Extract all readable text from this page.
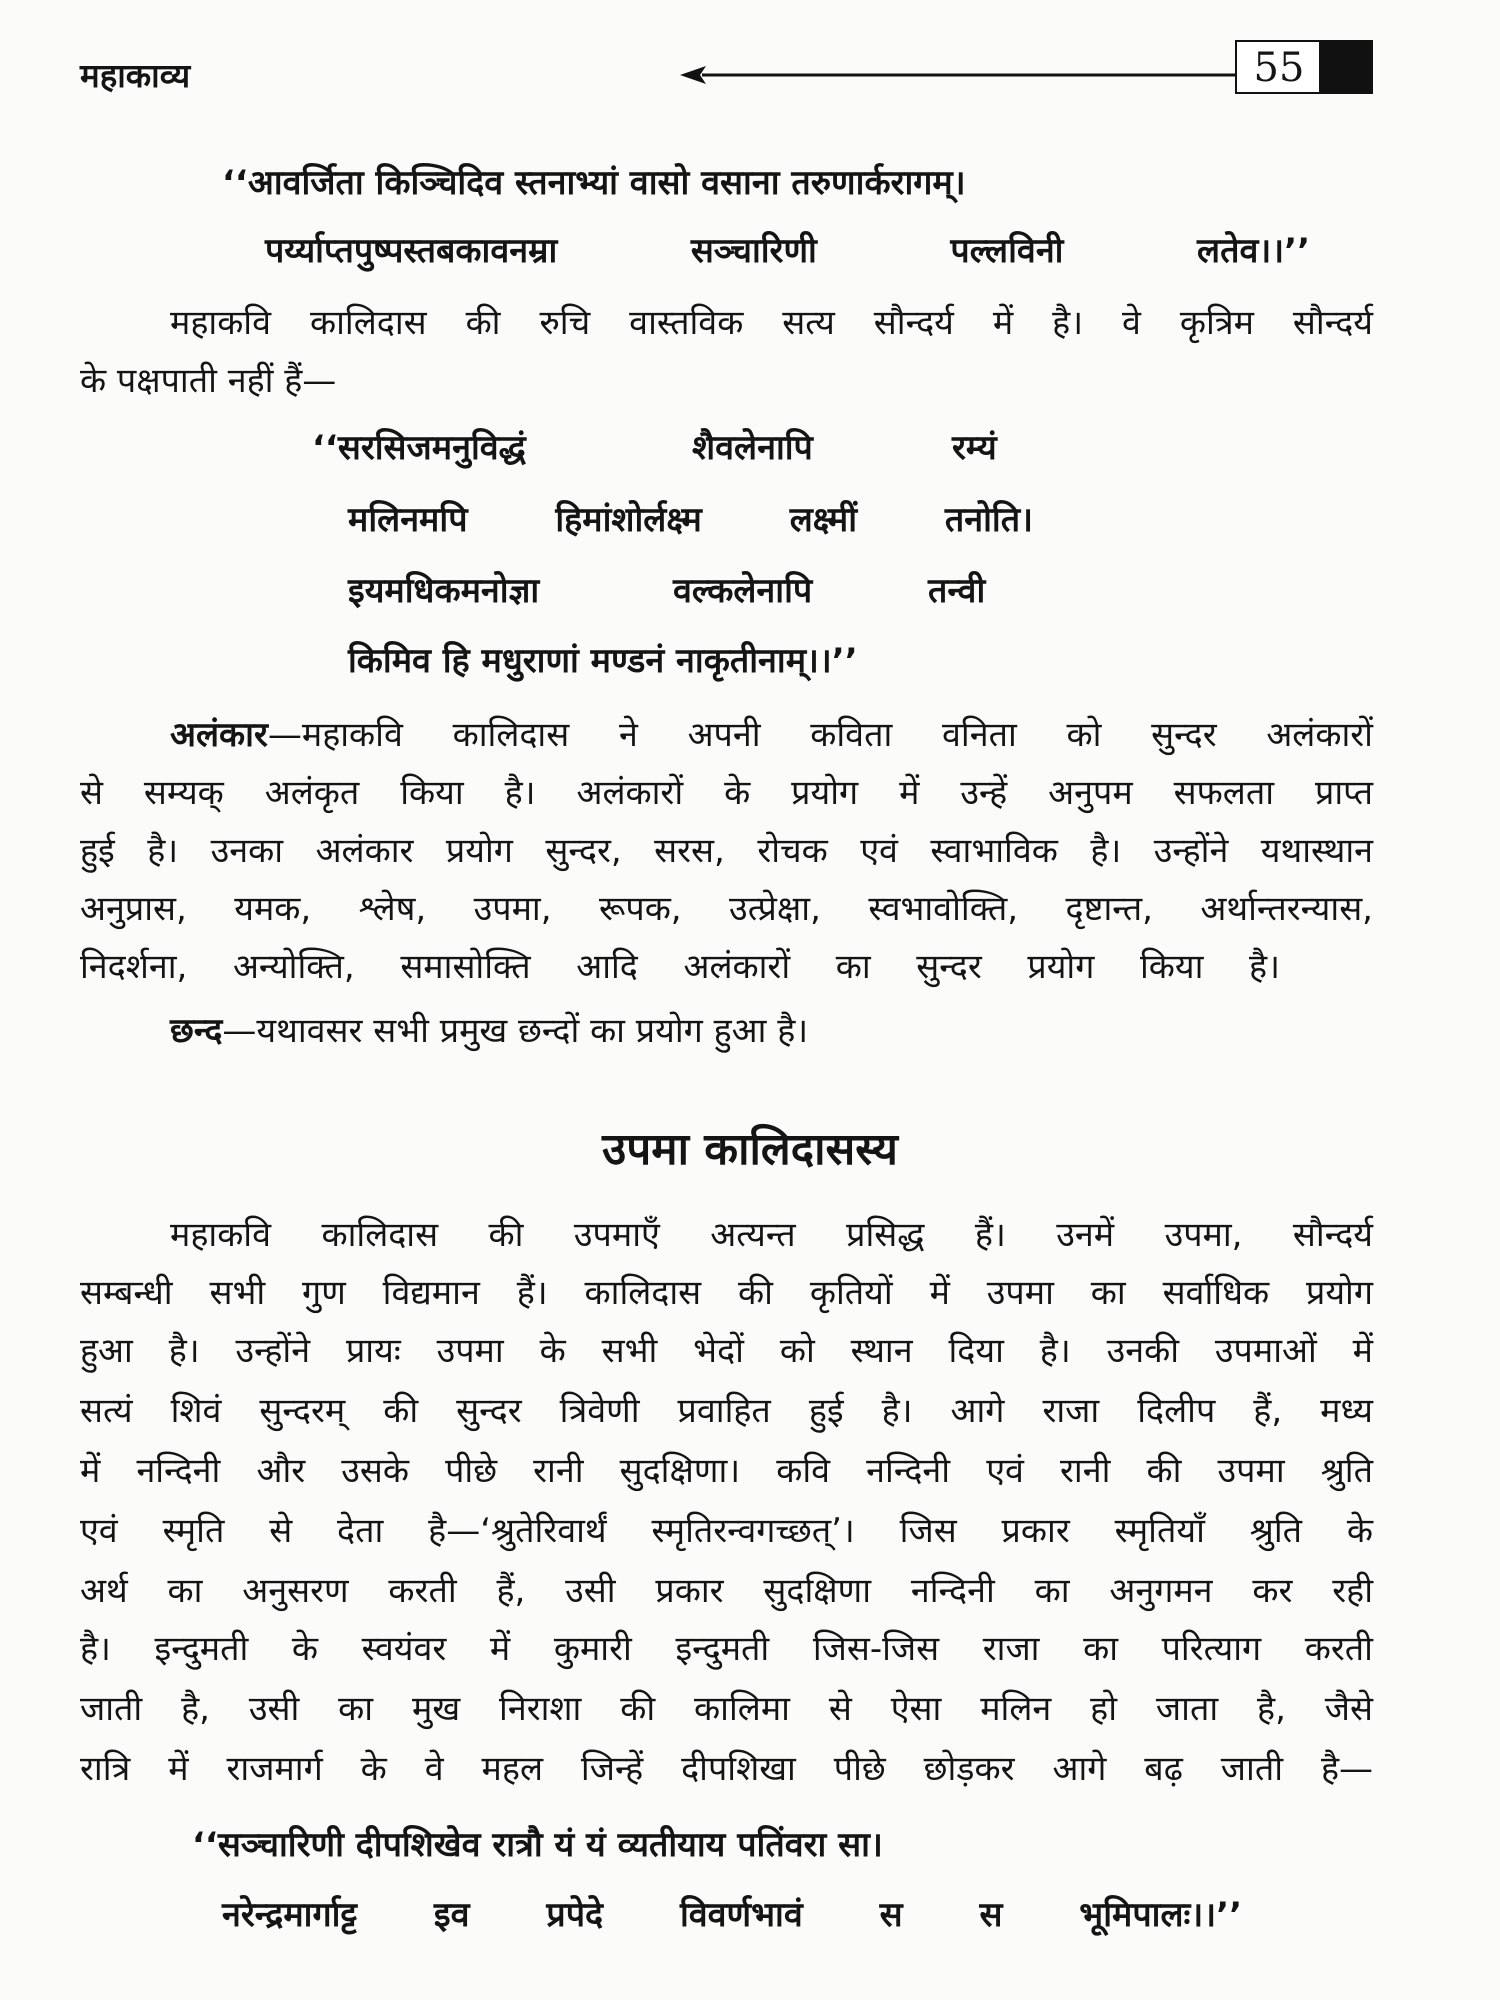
महाकाव्य	55
‘‘आवर्जिता किञ्चिदिव स्तनाभ्यां वासो वसाना तरुणार्करागम्।
पर्य्याप्तपुष्पस्तबकावनम्रा	सञ्चारिणी	पल्लविनी	लतेव।।’’
महाकवि कालिदास की रुचि वास्तविक सत्य सौन्दर्य में है। वे कृत्रिम सौन्दर्य
के पक्षपाती नहीं हैं—
‘‘सरसिजमनुविद्धं	शैवलेनापि	रम्यं
मलिनमपि	हिमांशोर्लक्ष्म	लक्ष्मीं	तनोति।
इयमधिकमनोज्ञा	वल्कलेनापि	तन्वी
किमिव हि मधुराणां मण्डनं नाकृतीनाम्।।’’
अलंकार—महाकवि कालिदास ने अपनी कविता वनिता को सुन्दर अलंकारों
से सम्यक् अलंकृत किया है। अलंकारों के प्रयोग में उन्हें अनुपम सफलता प्राप्त
हुई है। उनका अलंकार प्रयोग सुन्दर, सरस, रोचक एवं स्वाभाविक है। उन्होंने यथास्थान
अनुप्रास, यमक, श्लेष, उपमा, रूपक, उत्प्रेक्षा, स्वभावोक्ति, दृष्टान्त, अर्थान्तरन्यास,
निदर्शना, अन्योक्ति, समासोक्ति आदि अलंकारों का सुन्दर प्रयोग किया है।
छन्द—यथावसर सभी प्रमुख छन्दों का प्रयोग हुआ है।
उपमा कालिदासस्य
महाकवि कालिदास की उपमाएँ अत्यन्त प्रसिद्ध हैं। उनमें उपमा, सौन्दर्य
सम्बन्धी सभी गुण विद्यमान हैं। कालिदास की कृतियों में उपमा का सर्वाधिक प्रयोग
हुआ है। उन्होंने प्रायः उपमा के सभी भेदों को स्थान दिया है। उनकी उपमाओं में
सत्यं शिवं सुन्दरम् की सुन्दर त्रिवेणी प्रवाहित हुई है। आगे राजा दिलीप हैं, मध्य
में नन्दिनी और उसके पीछे रानी सुदक्षिणा। कवि नन्दिनी एवं रानी की उपमा श्रुति
एवं स्मृति से देता है—‘श्रुतेरिवार्थं स्मृतिरन्वगच्छत्’। जिस प्रकार स्मृतियाँ श्रुति के
अर्थ का अनुसरण करती हैं, उसी प्रकार सुदक्षिणा नन्दिनी का अनुगमन कर रही
है। इन्दुमती के स्वयंवर में कुमारी इन्दुमती जिस-जिस राजा का परित्याग करती
जाती है, उसी का मुख निराशा की कालिमा से ऐसा मलिन हो जाता है, जैसे
रात्रि में राजमार्ग के वे महल जिन्हें दीपशिखा पीछे छोड़कर आगे बढ़ जाती है—
‘‘सञ्चारिणी दीपशिखेव रात्रौ यं यं व्यतीयाय पतिंवरा सा।
नरेन्द्रमार्गाट्ट इव प्रपेदे विवर्णभावं स स भूमिपालः।।’’
